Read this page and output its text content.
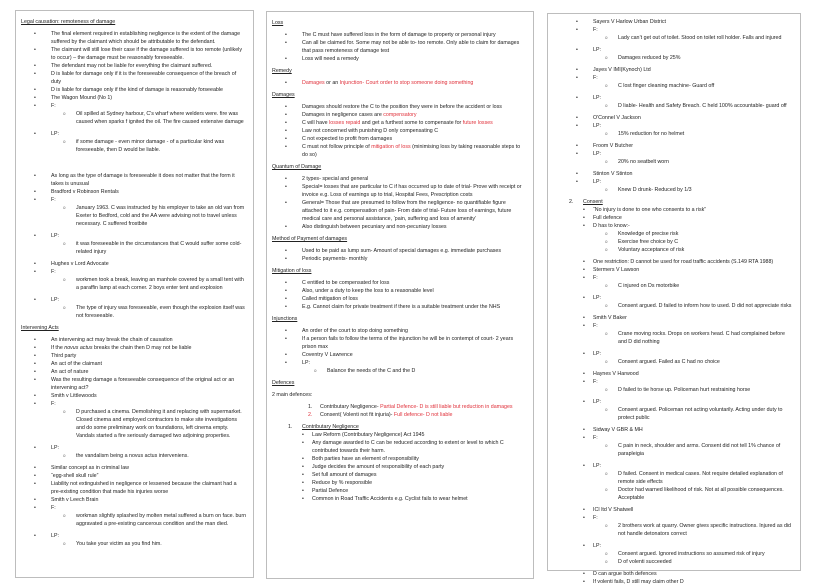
Legal causation: remoteness of damage
•	The final element required in establishing negligence is the extent of the damage suffered by the claimant which should be attributable to the defendant.
•	The claimant will still lose their case if the damage suffered is too remote (unlikely to occur) – the damage must be reasonably foreseeable.
•	The defendant may not be liable for everything the claimant suffered.
•	D is liable for damage only if it is the foreseeable consequence of the breach of duty
•	D is liable for damage only if the kind of damage is reasonably forseeable
•	The Wagon Mound (No 1)
•	F:
o Oil spilled at Sydney harbour, C's wharf where welders were. fire was caused when sparks f ignited the oil. The fire caused extensive damage
•	LP:
o if some damage - even minor damage - of a particular kind was foreseeable, then D would be liable.
•	As long as the type of damage is foreseeable it does not matter that the form it takes is unusual
•	Bradford v Robinson Rentals
•	F:
o January 1963. C was instructed by his employer to take an old van from Exeter to Bedford, cold and the AA were advising not to travel unless necessary. C suffered frostbite
•	LP:
o it was foreseeable in the circumstances that C would suffer some cold-related injury
•	Hughes v Lord Advocate
•	F:
o workmen took a break, leaving an manhole covered by a small tent with a paraffin lamp at each corner. 2 boys enter tent and explosion
•	LP:
o The type of injury was foreseeable, even though the explosion itself was not foreseeable.
Intervening Acts
•	An intervening act may break the chain of causation
•	If the novus actus breaks the chain then D may not be liable
•	Third party
•	An act of the claimant
•	An act of nature
•	Was the resulting damage a foreseeable consequence of the original act or an intervening act?
•	Smith v Littlewoods
•	F:
o D purchased a cinema. Demolishing it and replacing with supermarket. Closed cinema and employed contractors to make site investigations and do some preliminary work on foundations, left cinema empty. Vandals started a fire seriously damaged two adjoining properties.
•	LP:
o the vandalism being a novus actus interveniens.
•	Similar concept as in criminal law
•	“egg-shell skull rule”
•	Liability not extinguished in negligence or lessened because the claimant had a pre-existing condition that made his injuries worse
•	Smith v Leech Brain
•	F:
o workman slightly splashed by molten metal suffered a burn on face. burn aggravated a pre-existing cancerous condition and the man died.
•	LP:
o You take your victim as you find him.
Loss
•	The C must have suffered loss in the form of damage to property or personal injury
•	Can all be claimed for. Some may not be able to- too remote. Only able to claim for damages that pass remoteness of damage test
•	Loss will need a remedy
Remedy
•	Damages or an Injunction- Court order to stop someone doing something
Damages
•	Damages should restore the C to the position they were in before the accident or loss
•	Damages in negligence cases are compensatory
•	C will have losses repaid and get a furthest some to compensate for future losses
•	Law not concerned with punishing D only compensating C
•	C not expected to profit from damages
•	C must not follow principle of mitigation of loss (minimising loss by taking reasonable steps to do so)
Quantum of Damage
•	2 types- special and general
•	Special= losses that are particular to C if has occurred up to date of trial- Prove with receipt or invoice e.g. Loss of earnings up to trial, Hospital Fees, Prescription costs
•	General= Those that are presumed to follow from the negligence- no quantifiable figure attached to it e.g. compensation of pain- From date of trial- Future loss of earnings, future medical care and personal assistance, ‘pain, suffering and loss of amenity’
•	Also distinguish between pecuniary and non-pecuniary losses
Method of Payment of damages
•	Used to be paid as lump sum- Amount of special damages e.g. immediate purchases
•	Periodic payments- monthly
Mitigation of loss
•	C entitled to be compensated for loss
•	Also, under a duty to keep the loss to a reasonable level
•	Called mitigation of loss
•	E.g. Cannot claim for private treatment if there is a suitable treatment under the NHS
Injunctions
•	An order of the court to stop doing something
•	If a person fails to follow the terms of the injunction he will be in contempt of court- 2 years prison max
•	Coventry V Lawrence
•	LP:
o Balance the needs of the C and the D
Defences
2 main defences:
1. Contributary Negligence- Partial Defence- D is still liable but reduction in damages
2. Consent( Volenti not fit injuria)- Full defence- D not liable
1. Contributary Negligence
• Law Reform (Contributary Negligence) Act 1945
• Any damage awarded to C can be reduced according to extent or level to which C contributed towards their harm.
• Both parties have an element of responsibility
• Judge decides the amount of responsibility of each party
• Set full amount of damages
• Reduce by % responsible
• Partial Defence
• Common in Road Traffic Accidents e.g. Cyclist fails to wear helmet
•	Sayers V Harlow Urban District
•	F:
o Lady can’t get out of toilet. Stood on toilet roll holder. Falls and injured
•	LP:
o Damages reduced by 25%
•	Jayes V IMI(Kynoch) Ltd
•	F:
o C lost finger cleaning machine- Guard off
•	LP:
o D liable- Health and Safety Breach. C held 100% accountable- guard off
•	O'Connel V Jackson
•	LP:
o 15% reduction for no helmet
•	Froom V Butcher
•	LP:
o 20% no seatbelt worn
•	Stinton V Stinton
•	LP:
o Knew D drunk- Reduced by 1/3
2. Consent
• “No injury is done to one who consents to a risk”
• Full defence
• D has to know:-
o Knowledge of precise risk
o Exercise free choice by C
o Voluntary acceptance of risk
• One restriction: D cannot be used for road traffic accidents (S.149 RTA 1988)
• Stermers V Lawson
• F:
o C injured on Ds motorbike
• LP:
o Consent argued. D failed to inform how to used. D did not appreciate risks
• Smith V Baker
• F:
o Crane moving rocks. Drops on workers head. C had complained before and D did nothing
• LP:
o Consent argued. Failed as C had no choice
• Haynes V Harwood
• F:
o D failed to tie horse up. Policeman hurt restraining horse
• LP:
o Consent argued. Policeman not acting voluntarily. Acting under duty to protect public
• Sidway V GBR & MH
• F:
o C pain in neck, shoulder and arms. Consent did not tell 1% chance of parapleigia
• LP:
o D failed. Consent in medical cases. Not require detailed explanation of remote side effects
o Doctor had warned likelihood of risk. Not at all possible consequences. Acceptable
• ICI ltd V Shatwell
• F:
o 2 brothers work at quarry. Owner gives specific instructions. Injured as did not handle detonators correct
• LP:
o Consent argued. Ignored instructions so assumed risk of injury
o D of volenti succeeded
• D can argue both defences
• If volenti fails, D still may claim other D
